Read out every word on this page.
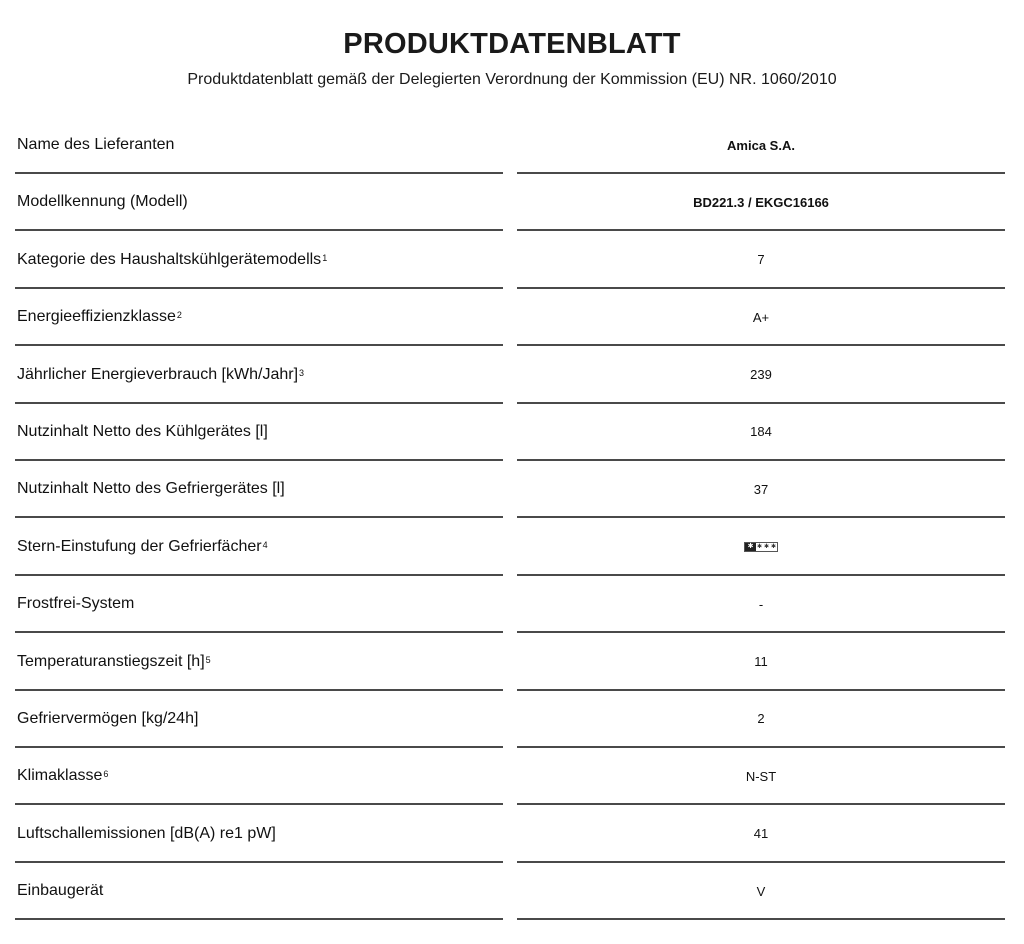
PRODUKTDATENBLATT
Produktdatenblatt gemäß der Delegierten Verordnung der Kommission (EU) NR. 1060/2010
Name des Lieferanten	Amica S.A.
Modellkennung (Modell)	BD221.3 / EKGC16166
Kategorie des Haushaltskühlgerätemodells$^1$	7
Energieeffizienzklasse$^2$	A+
Jährlicher Energieverbrauch [kWh/Jahr]$^3$	239
Nutzinhalt Netto des Kühlgerätes [l]	184
Nutzinhalt Netto des Gefriergerätes [l]	37
Stern-Einstufung der Gefrierfächer$^4$	✱ ✱ ✱ ✱
Frostfrei-System	-
Temperaturanstiegszeit $[h]^5$	11
Gefriervermögen [kg/24h]	2
Klimaklasse$^6$	N-ST
Luftschallemissionen [dB(A) re1 pW]	41
Einbaugerät	V
